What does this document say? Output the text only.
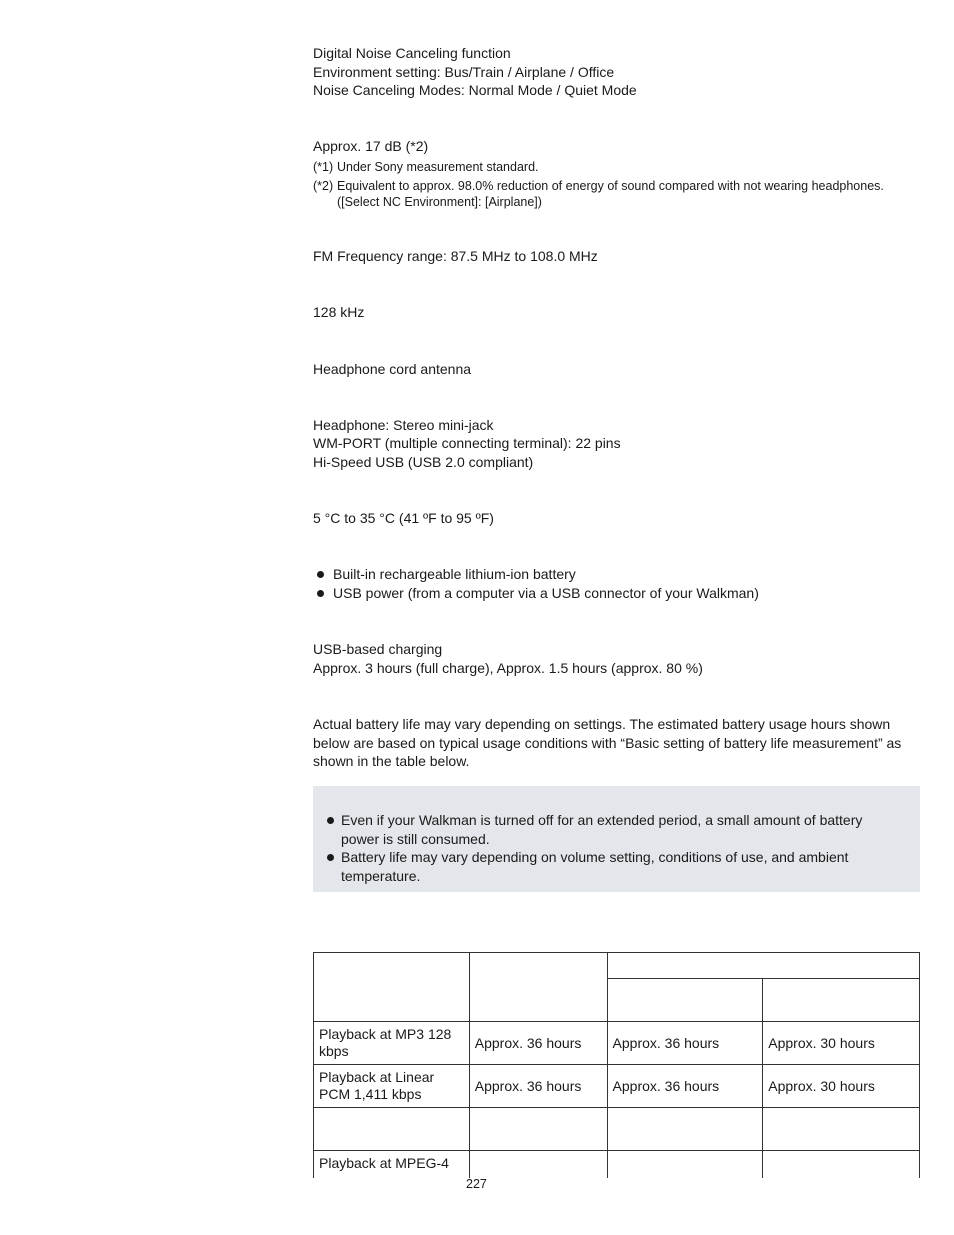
Digital Noise Canceling function
Environment setting: Bus/Train / Airplane / Office
Noise Canceling Modes: Normal Mode / Quiet Mode
Approx. 17 dB (*2)
(*1) Under Sony measurement standard.
(*2) Equivalent to approx. 98.0% reduction of energy of sound compared with not wearing headphones.
([Select NC Environment]: [Airplane])
FM Frequency range: 87.5 MHz to 108.0 MHz
128 kHz
Headphone cord antenna
Headphone: Stereo mini-jack
WM-PORT (multiple connecting terminal): 22 pins
Hi-Speed USB (USB 2.0 compliant)
5 °C to 35 °C (41 ºF to 95 ºF)
Built-in rechargeable lithium-ion battery
USB power (from a computer via a USB connector of your Walkman)
USB-based charging
Approx. 3 hours (full charge), Approx. 1.5 hours (approx. 80 %)
Actual battery life may vary depending on settings. The estimated battery usage hours shown below are based on typical usage conditions with “Basic setting of battery life measurement” as shown in the table below.
Even if your Walkman is turned off for an extended period, a small amount of battery power is still consumed.
Battery life may vary depending on volume setting, conditions of use, and ambient temperature.

Playback at MP3 128 kbps	Approx. 36 hours	Approx. 36 hours	Approx. 30 hours
Playback at Linear PCM 1,411 kbps	Approx. 36 hours	Approx. 36 hours	Approx. 30 hours

Playback at MPEG-4			
227
